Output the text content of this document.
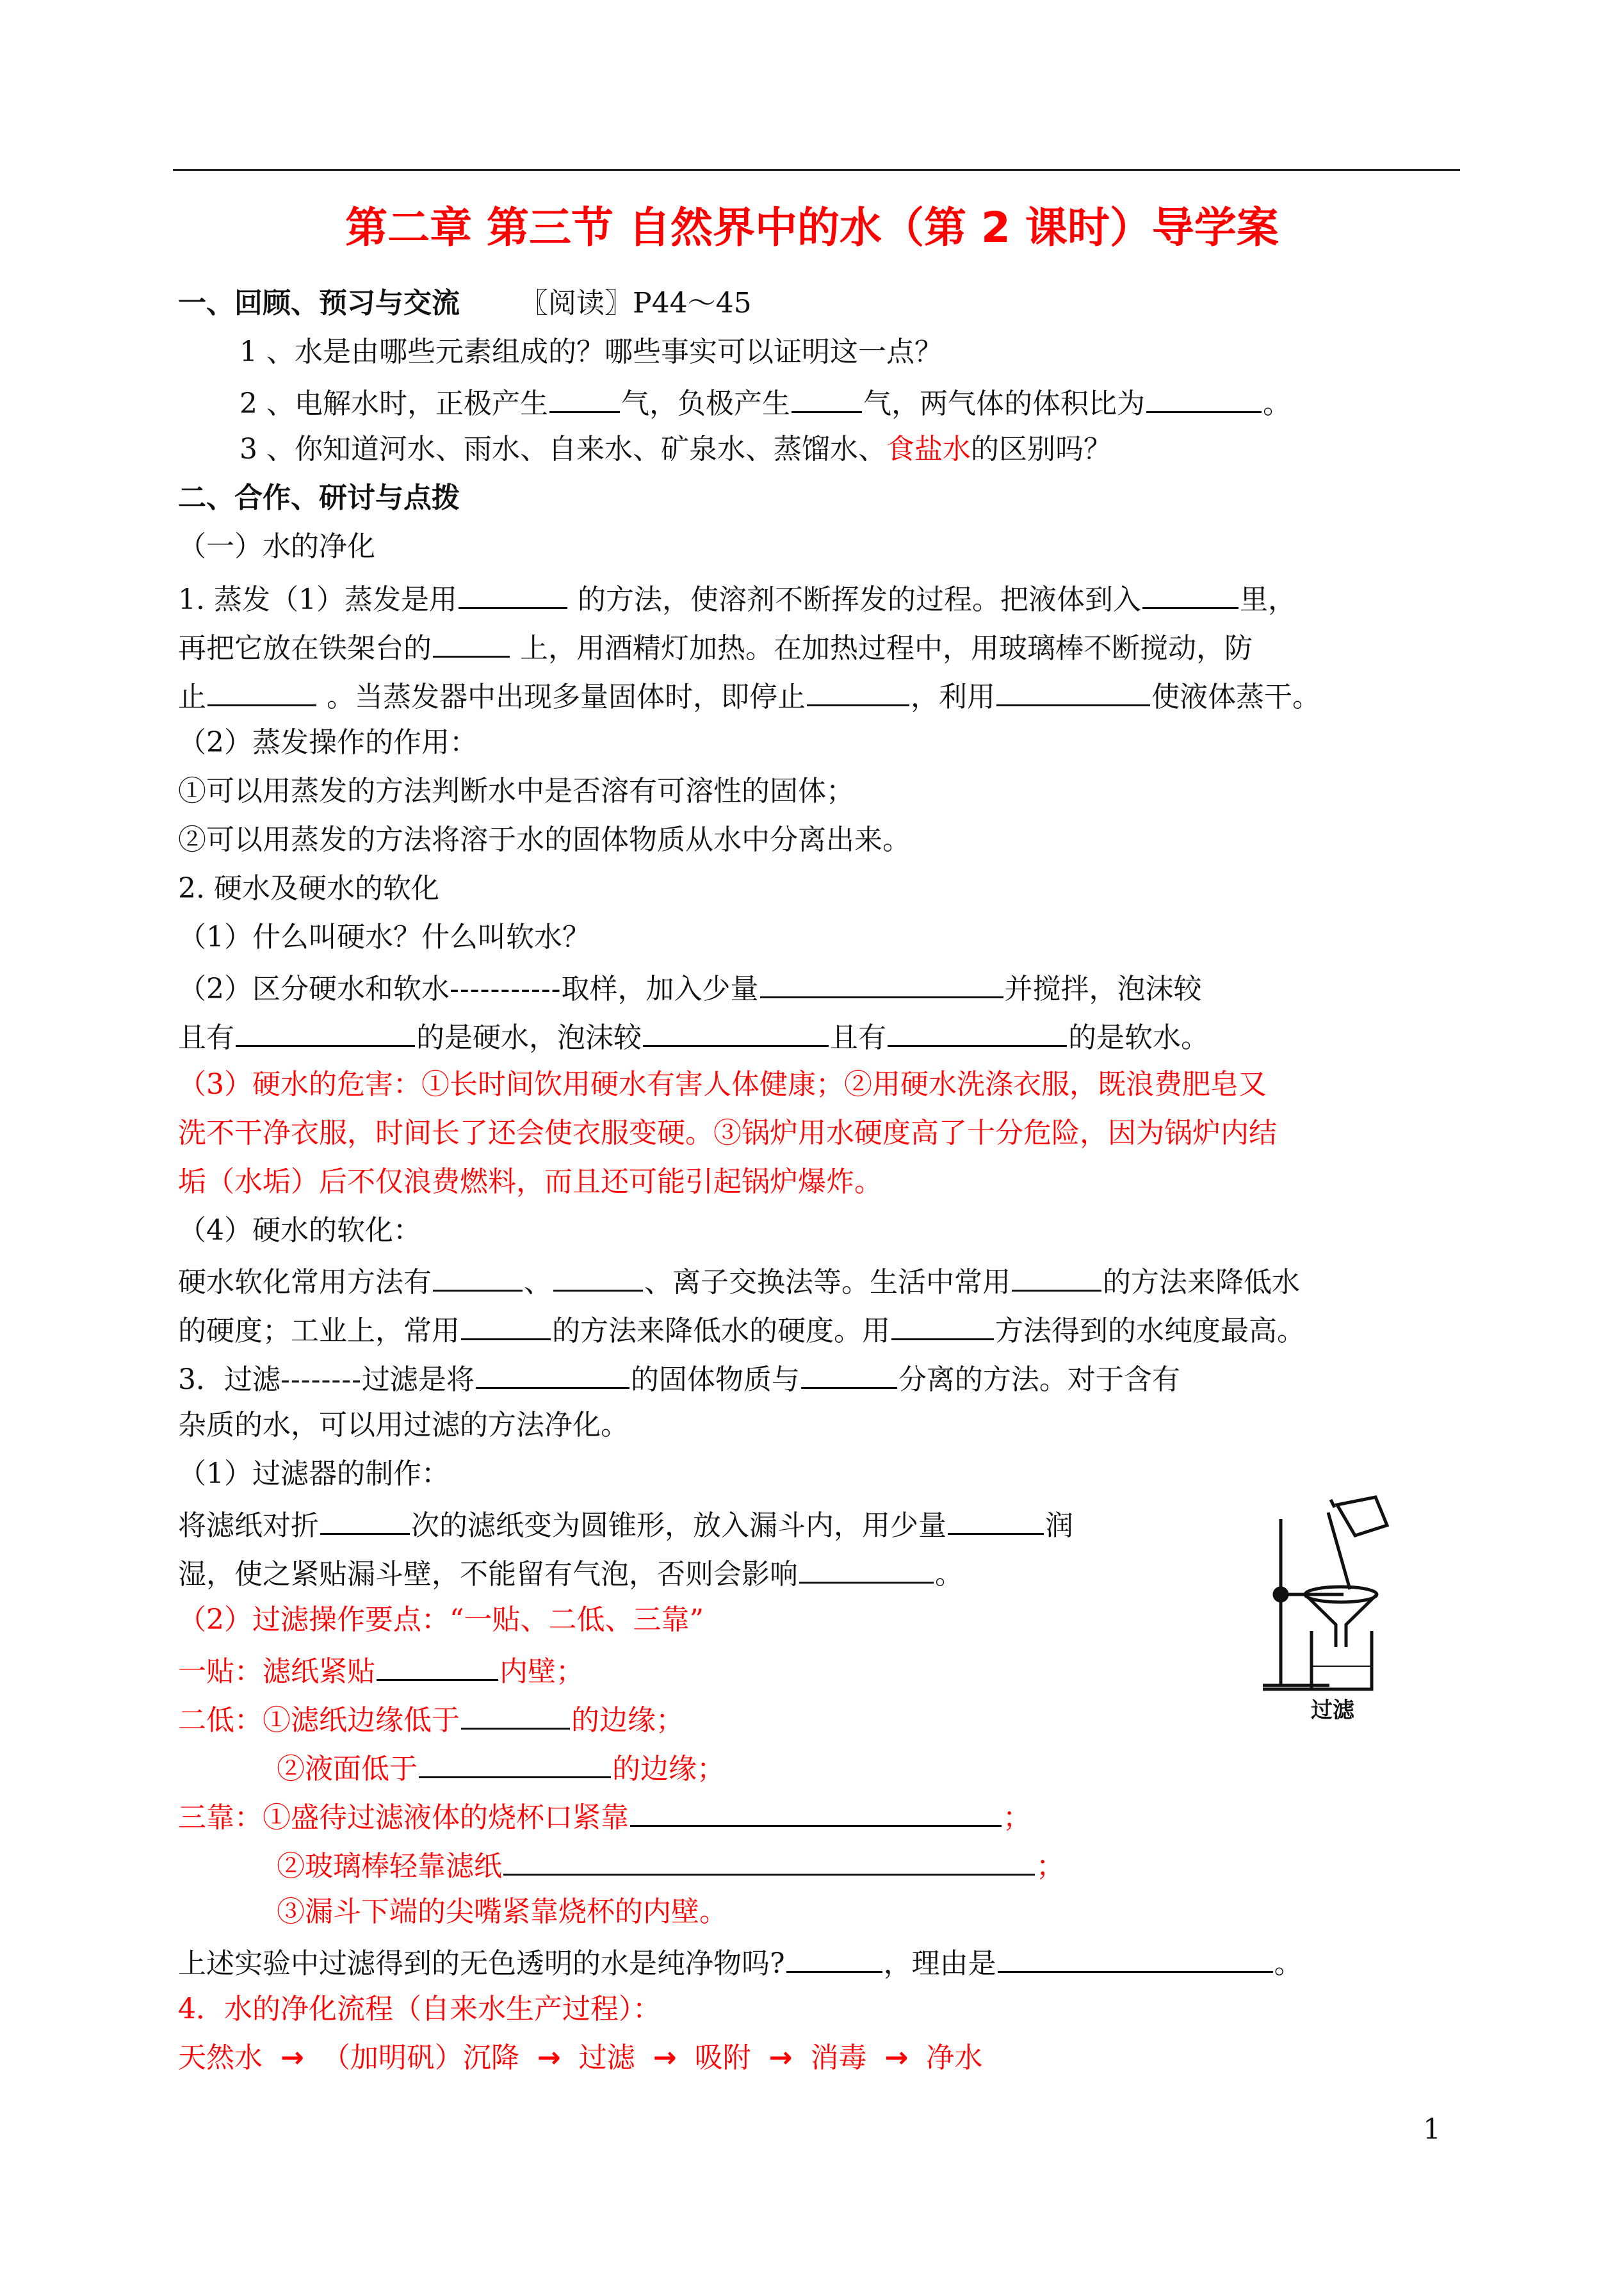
第二章 第三节 自然界中的水（第 2 课时）导学案
一、回顾、预习与交流 〖阅读〗P44～45
1 、水是由哪些元素组成的？哪些事实可以证明这一点？
2 、电解水时，正极产生	气，负极产生	气，两气体的体积比为	。
3 、你知道河水、雨水、自来水、矿泉水、蒸馏水、食盐水的区别吗？
二、合作、研讨与点拨
（一）水的净化
1. 蒸发（1）蒸发是用	的方法，使溶剂不断挥发的过程。把液体到入	里，
再把它放在铁架台的	上，用酒精灯加热。在加热过程中，用玻璃棒不断搅动，防
止	。当蒸发器中出现多量固体时，即停止	，利用	使液体蒸干。
（2）蒸发操作的作用：
①可以用蒸发的方法判断水中是否溶有可溶性的固体；
②可以用蒸发的方法将溶于水的固体物质从水中分离出来。
2. 硬水及硬水的软化
（1）什么叫硬水？什么叫软水？
（2）区分硬水和软水-----------取样，加入少量	并搅拌，泡沫较
且有	的是硬水，泡沫较	且有	的是软水。
（3）硬水的危害：①长时间饮用硬水有害人体健康；②用硬水洗涤衣服，既浪费肥皂又
洗不干净衣服，时间长了还会使衣服变硬。③锅炉用水硬度高了十分危险，因为锅炉内结
垢（水垢）后不仅浪费燃料，而且还可能引起锅炉爆炸。
（4）硬水的软化：
硬水软化常用方法有	、	、离子交换法等。生活中常用	的方法来降低水
的硬度；工业上，常用	的方法来降低水的硬度。用	方法得到的水纯度最高。
3．过滤--------过滤是将	的固体物质与	分离的方法。对于含有
杂质的水，可以用过滤的方法净化。
（1）过滤器的制作：
将滤纸对折	次的滤纸变为圆锥形，放入漏斗内，用少量	润
湿，使之紧贴漏斗壁，不能留有气泡，否则会影响	。
（2）过滤操作要点：“一贴、二低、三靠”
一贴：滤纸紧贴	内壁；
二低：①滤纸边缘低于	的边缘；
②液面低于	的边缘；
三靠：①盛待过滤液体的烧杯口紧靠	；
②玻璃棒轻靠滤纸	；
③漏斗下端的尖嘴紧靠烧杯的内壁。
上述实验中过滤得到的无色透明的水是纯净物吗?	，理由是	。
4．水的净化流程（自来水生产过程）：
天然水 → （加明矾）沉降 → 过滤 → 吸附 → 消毒 → 净水
过滤
1
